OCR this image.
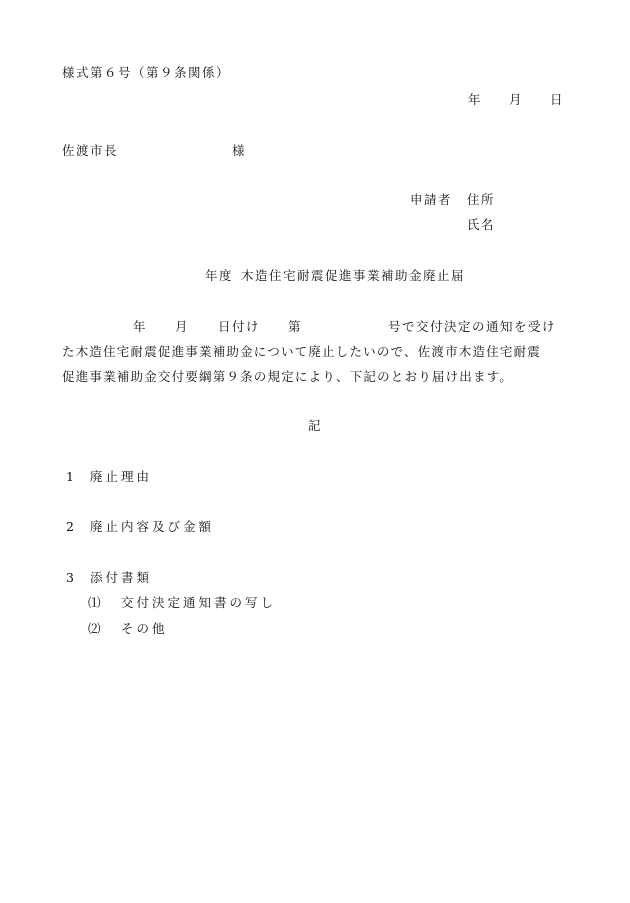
様式第６号（第９条関係）
年 月 日
佐渡市長	様
申請者 住所
氏名
年度 木造住宅耐震促進事業補助金廃止届
年 月 日付け 第	号で交付決定の通知を受け
た木造住宅耐震促進事業補助金について廃止したいので、佐渡市木造住宅耐震
促進事業補助金交付要綱第９条の規定により、下記のとおり届け出ます。
記
1 廃止理由
2 廃止内容及び金額
3 添付書類
⑴ 交付決定通知書の写し
⑵ その他
